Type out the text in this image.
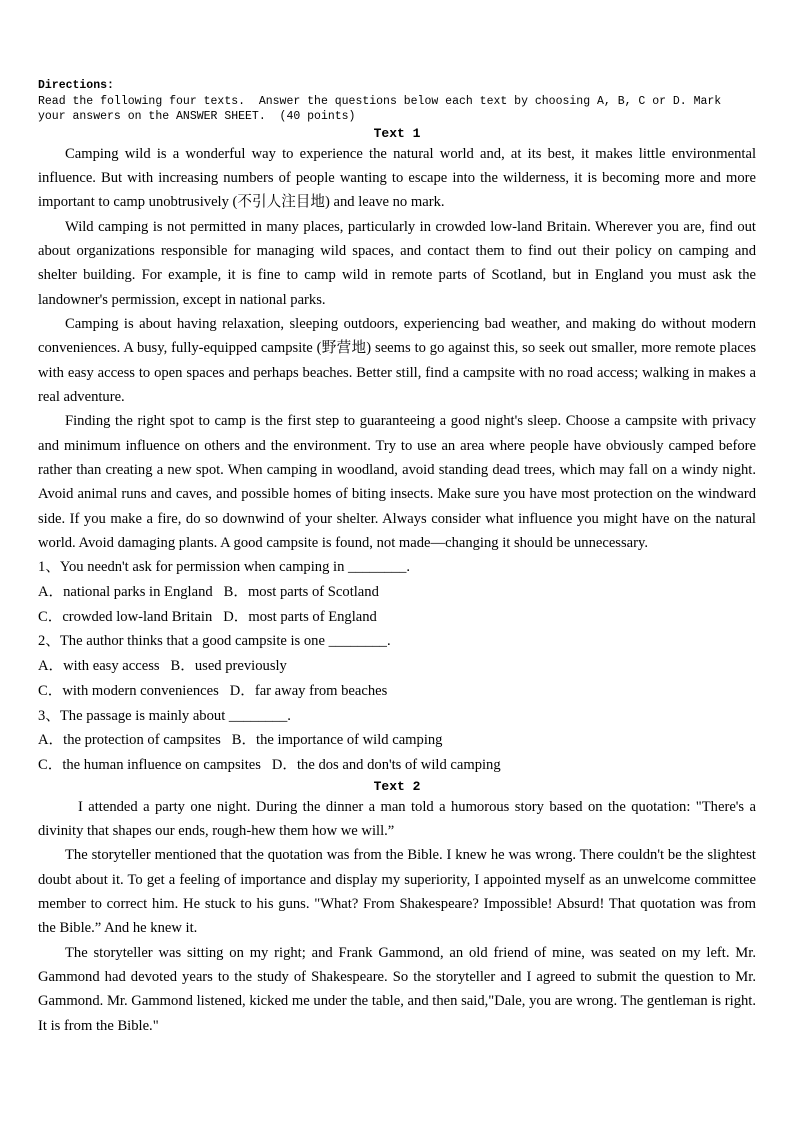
Directions:
Read the following four texts.  Answer the questions below each text by choosing A, B, C or D. Mark your answers on the ANSWER SHEET.  (40 points)
Text 1

Camping wild is a wonderful way to experience the natural world and, at its best, it makes little environmental influence. But with increasing numbers of people wanting to escape into the wilderness, it is becoming more and more important to camp unobtrusively (不引人注目地) and leave no mark.

Wild camping is not permitted in many places, particularly in crowded low-land Britain. Wherever you are, find out about organizations responsible for managing wild spaces, and contact them to find out their policy on camping and shelter building. For example, it is fine to camp wild in remote parts of Scotland, but in England you must ask the landowner's permission, except in national parks.

Camping is about having relaxation, sleeping outdoors, experiencing bad weather, and making do without modern conveniences. A busy, fully-equipped campsite (野营地) seems to go against this, so seek out smaller, more remote places with easy access to open spaces and perhaps beaches. Better still, find a campsite with no road access; walking in makes a real adventure.

Finding the right spot to camp is the first step to guaranteeing a good night's sleep. Choose a campsite with privacy and minimum influence on others and the environment. Try to use an area where people have obviously camped before rather than creating a new spot. When camping in woodland, avoid standing dead trees, which may fall on a windy night. Avoid animal runs and caves, and possible homes of biting insects. Make sure you have most protection on the windward side. If you make a fire, do so downwind of your shelter. Always consider what influence you might have on the natural world. Avoid damaging plants. A good campsite is found, not made—changing it should be unnecessary.

1、You needn't ask for permission when camping in ________.
A．national parks in England   B．most parts of Scotland
C．crowded low-land Britain   D．most parts of England
2、The author thinks that a good campsite is one ________.
A．with easy access   B．used previously
C．with modern conveniences   D．far away from beaches
3、The passage is mainly about ________.
A．the protection of campsites   B．the importance of wild camping
C．the human influence on campsites   D．the dos and don'ts of wild camping
Text 2

I attended a party one night. During the dinner a man told a humorous story based on the quotation: "There's a divinity that shapes our ends, rough-hew them how we will.”

The storyteller mentioned that the quotation was from the Bible. I knew he was wrong. There couldn't be the slightest doubt about it. To get a feeling of importance and display my superiority, I appointed myself as an unwelcome committee member to correct him. He stuck to his guns. "What? From Shakespeare? Impossible! Absurd! That quotation was from the Bible.” And he knew it.

The storyteller was sitting on my right; and Frank Gammond, an old friend of mine, was seated on my left. Mr. Gammond had devoted years to the study of Shakespeare. So the storyteller and I agreed to submit the question to Mr. Gammond. Mr. Gammond listened, kicked me under the table, and then said,"Dale, you are wrong. The gentleman is right. It is from the Bible."
